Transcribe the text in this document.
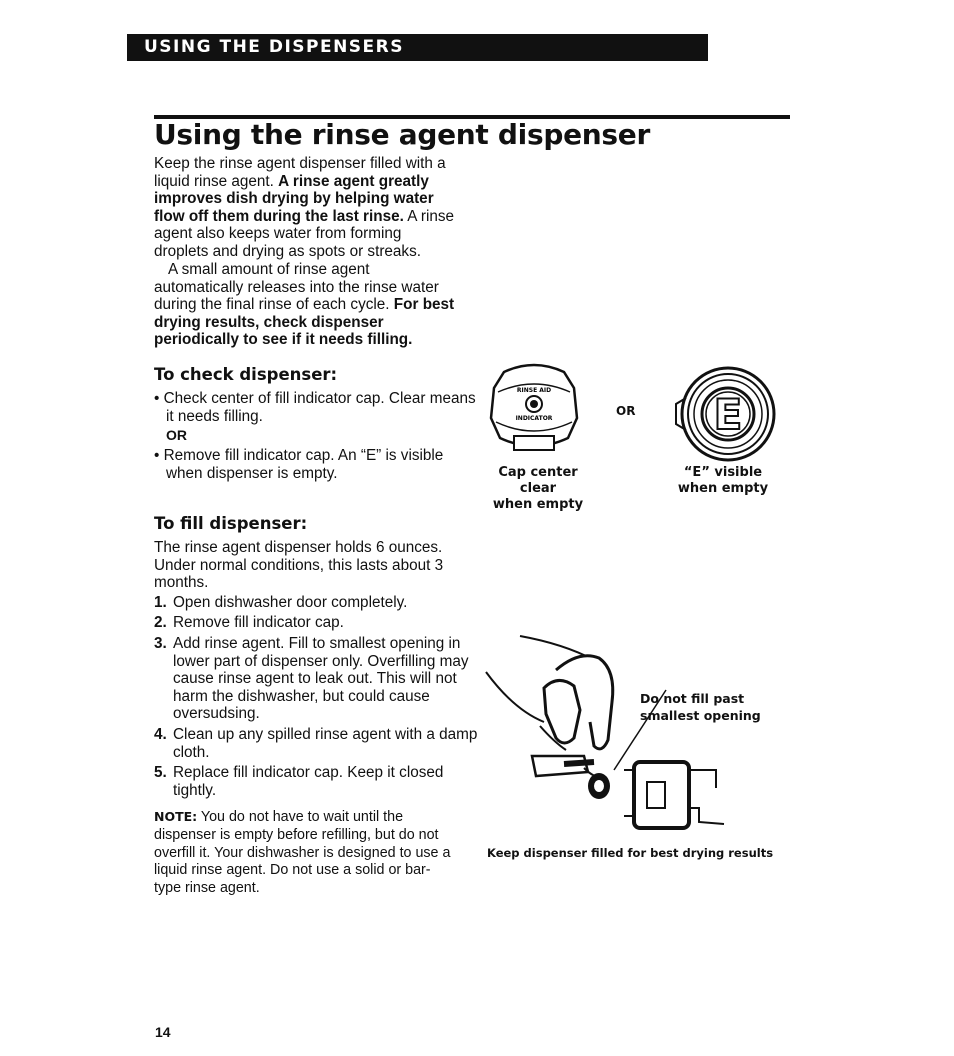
USING THE DISPENSERS
Using the rinse agent dispenser
Keep the rinse agent dispenser filled with a liquid rinse agent. A rinse agent greatly improves dish drying by helping water flow off them during the last rinse. A rinse agent also keeps water from forming droplets and drying as spots or streaks.
A small amount of rinse agent automatically releases into the rinse water during the final rinse of each cycle. For best drying results, check dispenser periodically to see if it needs filling.
To check dispenser:
• Check center of fill indicator cap. Clear means it needs filling.
OR
• Remove fill indicator cap. An “E” is visible when dispenser is empty.
RINSE AID
INDICATOR
OR E
Cap center clear
when empty
“E” visible
when empty
To fill dispenser:
The rinse agent dispenser holds 6 ounces. Under normal conditions, this lasts about 3 months.
1. Open dishwasher door completely.
2. Remove fill indicator cap.
3. Add rinse agent. Fill to smallest opening in lower part of dispenser only. Overfilling may cause rinse agent to leak out. This will not harm the dishwasher, but could cause oversudsing.
4. Clean up any spilled rinse agent with a damp cloth.
5. Replace fill indicator cap. Keep it closed tightly.
NOTE: You do not have to wait until the dispenser is empty before refilling, but do not overfill it. Your dishwasher is designed to use a liquid rinse agent. Do not use a solid or bar-type rinse agent.
Do not fill past
smallest opening
Keep dispenser filled for best drying results
14
